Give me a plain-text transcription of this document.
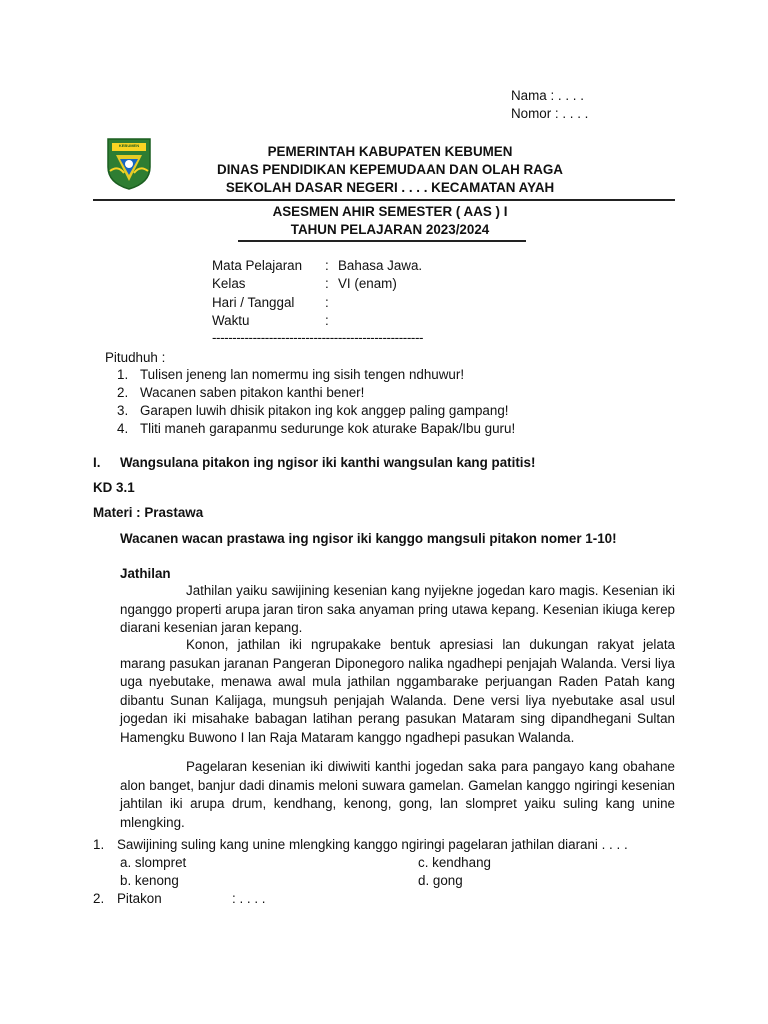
Nama : . . . .
Nomor : . . . .
KEBUMEN	PEMERINTAH KABUPATEN KEBUMEN
DINAS PENDIDIKAN KEPEMUDAAN DAN OLAH RAGA
SEKOLAH DASAR NEGERI . . . . KECAMATAN AYAH
ASESMEN AHIR SEMESTER ( AAS ) I
TAHUN PELAJARAN 2023/2024
Mata Pelajaran : Bahasa Jawa.
Kelas	: VI (enam)
Hari / Tanggal :
Waktu	:
----------------------------------------------------
Pitudhuh :
1. Tulisen jeneng lan nomermu ing sisih tengen ndhuwur!
2. Wacanen saben pitakon kanthi bener!
3. Garapen luwih dhisik pitakon ing kok anggep paling gampang!
4. Tliti maneh garapanmu sedurunge kok aturake Bapak/Ibu guru!
I. Wangsulana pitakon ing ngisor iki kanthi wangsulan kang patitis!
KD 3.1
Materi : Prastawa
Wacanen wacan prastawa ing ngisor iki kanggo mangsuli pitakon nomer 1-10!
Jathilan
Jathilan yaiku sawijining kesenian kang nyijekne jogedan karo magis. Kesenian iki nganggo properti arupa jaran tiron saka anyaman pring utawa kepang. Kesenian ikiuga kerep diarani kesenian jaran kepang.
Konon, jathilan iki ngrupakake bentuk apresiasi lan dukungan rakyat jelata marang pasukan jaranan Pangeran Diponegoro nalika ngadhepi penjajah Walanda. Versi liya uga nyebutake, menawa awal mula jathilan nggambarake perjuangan Raden Patah kang dibantu Sunan Kalijaga, mungsuh penjajah Walanda. Dene versi liya nyebutake asal usul jogedan iki misahake babagan latihan perang pasukan Mataram sing dipandhegani Sultan Hamengku Buwono I lan Raja Mataram kanggo ngadhepi pasukan Walanda.
Pagelaran kesenian iki diwiwiti kanthi jogedan saka para pangayo kang obahane alon banget, banjur dadi dinamis meloni suwara gamelan. Gamelan kanggo ngiringi kesenian jahtilan iki arupa drum, kendhang, kenong, gong, lan slompret yaiku suling kang unine mlengking.
1. Sawijining suling kang unine mlengking kanggo ngiringi pagelaran jathilan diarani . . . .
a. slompret	c. kendhang
b. kenong	d. gong
2. Pitakon	: . . . .
